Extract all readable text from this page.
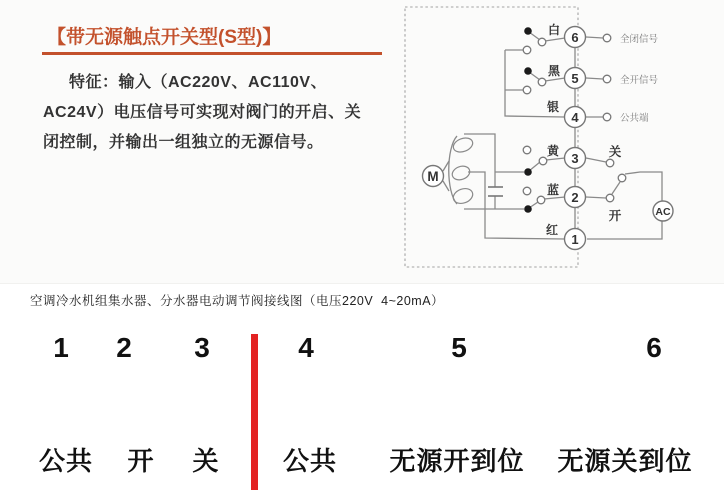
【带无源触点开关型(S型)】
特征：输入（AC220V、AC110V、AC24V）电压信号可实现对阀门的开启、关闭控制，并输出一组独立的无源信号。
M
AC
6
5
4
3
2
1
白
黑
银
黄
蓝
红
全闭信号
全开信号
公共端
关
开
空调冷水机组集水器、分水器电动调节阀接线图（电压220V  4~20mA）
1 2 3	4	5	6
公共 开 关 公共 无源开到位 无源关到位
